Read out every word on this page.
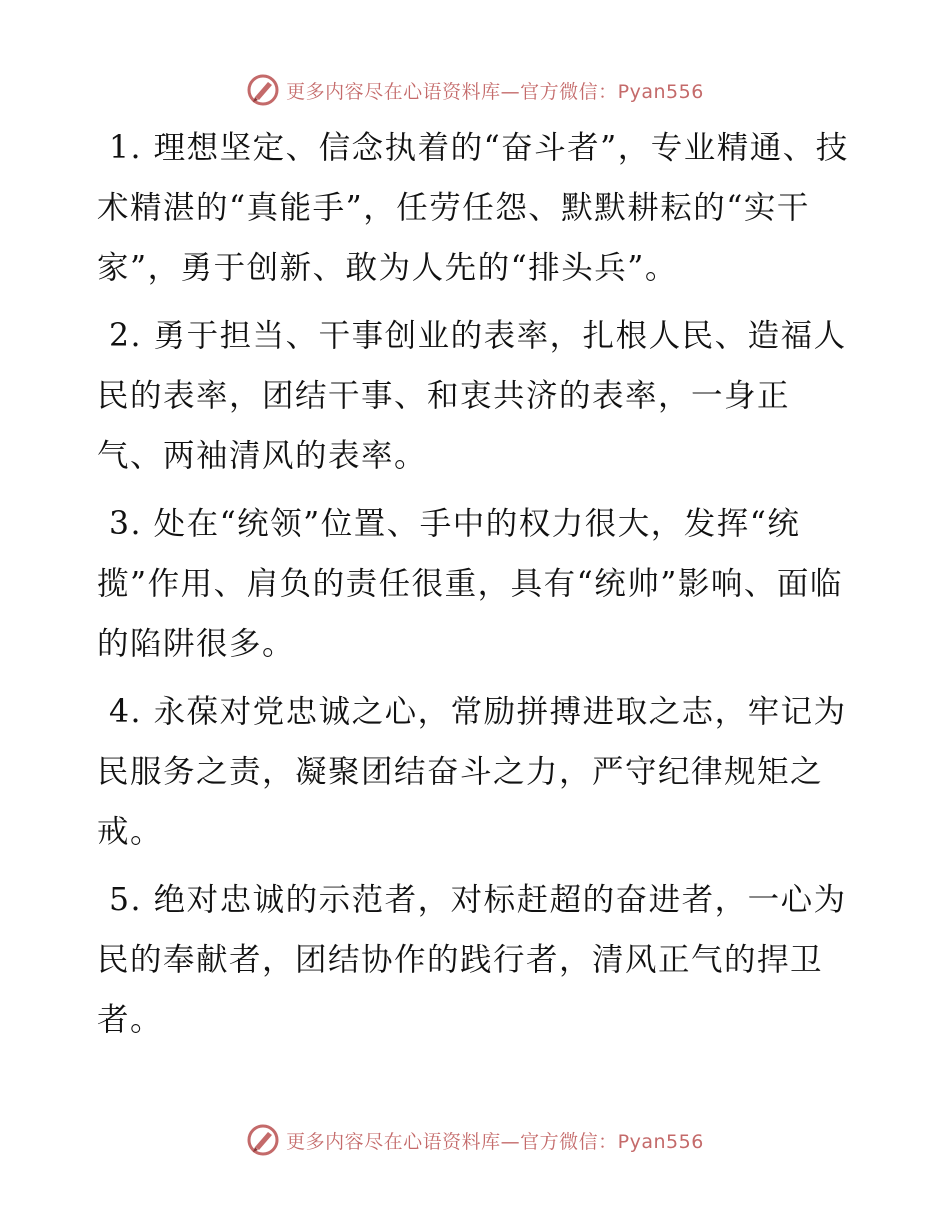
更多内容尽在心语资料库—官方微信：Pyan556

1. 理想坚定、信念执着的“奋斗者”，专业精通、技术精湛的“真能手”，任劳任怨、默默耕耘的“实干家”，勇于创新、敢为人先的“排头兵”。

2. 勇于担当、干事创业的表率，扎根人民、造福人民的表率，团结干事、和衷共济的表率，一身正气、两袖清风的表率。

3. 处在“统领”位置、手中的权力很大，发挥“统揽”作用、肩负的责任很重，具有“统帅”影响、面临的陷阱很多。

4. 永葆对党忠诚之心，常励拼搏进取之志，牢记为民服务之责，凝聚团结奋斗之力，严守纪律规矩之戒。

5. 绝对忠诚的示范者，对标赶超的奋进者，一心为民的奉献者，团结协作的践行者，清风正气的捍卫者。

更多内容尽在心语资料库—官方微信：Pyan556
